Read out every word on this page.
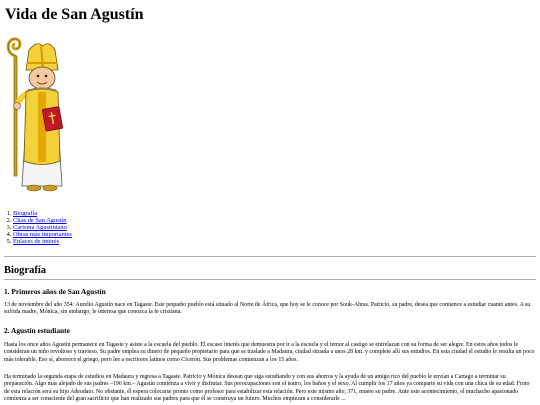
Vida de San Agustín
1. Biografía
2. Citas de San Agustín
3. Carisma Agustiniano
4. Obras más importantes
5. Enlaces de interés
Biografía
1. Primeros años de San Agustín

13 de noviembre del año 354: Aurelio Agustín nace en Tagaste. Este pequeño pueblo está situado al Norte de África, que hoy se le conoce por Souk-Ahras. Patricio, su padre, desea que comience a estudiar cuanto antes. A su sufrida madre, Mónica, sin embargo, le interesa que conozca la fe cristiana.

2. Agustín estudiante

Hasta los once años Agustín permanece en Tagaste y asiste a la escuela del pueblo. El escaso interés que demuestra por ir a la escuela y el temor al castigo se entrelazan con su forma de ser alegre. En estos años todos le consideran un niño revoltoso y travieso. Su padre emplea su dinero de pequeño propietario para que se traslade a Madaura, ciudad situada a unos 28 km. y complete allí sus estudios. En esta ciudad el estudio le resulta un poco más tolerable. Eso sí, aborrece el griego, pero lee a escritores latinos como Cicerón. Sus problemas comienzan a los 15 años.

Ha terminado la segunda etapa de estudios en Madaura y regresa a Tagaste. Patricio y Mónica desean que siga estudiando y con sus ahorros y la ayuda de un amigo rico del pueblo le envían a Cartago a terminar su preparación. Algo más alejado de sus padres –196 km.– Agustín comienza a vivir y disfrutar. Sus preocupaciones son el teatro, los baños y el sexo. Al cumplir los 17 años ya comparte su vida con una chica de su edad. Fruto de esta relación será su hijo Adeodato. No obstante, él espera colocarse pronto como profesor para estabilizar esta relación. Pero este mismo año, 371, muere su padre. Ante este acontecimiento, el muchacho apasionado comienza a ser consciente del gran sacrificio que han realizado sus padres para que él se construya un futuro. Muchos empiezan a considerarle ...
